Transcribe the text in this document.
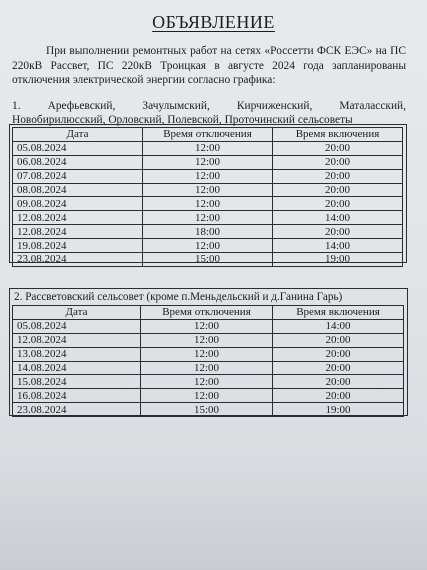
ОБЪЯВЛЕНИЕ
При выполнении ремонтных работ на сетях «Россетти ФСК ЕЭС» на ПС 220кВ Рассвет, ПС 220кВ Троицкая в августе 2024 года запланированы отключения электрической энергии согласно графика:
1. Арефьевский, Зачулымский, Кирчиженский, Маталасский,
Новобирилюсский, Орловский, Полевской, Проточинский сельсоветы
Дата	Время отключения	Время включения
05.08.2024	12:00	20:00
06.08.2024	12:00	20:00
07.08.2024	12:00	20:00
08.08.2024	12:00	20:00
09.08.2024	12:00	20:00
12.08.2024	12:00	14:00
12.08.2024	18:00	20:00
19.08.2024	12:00	14:00
23.08.2024	15:00	19:00
2. Рассветовский сельсовет (кроме п.Меньдельский и д.Ганина Гарь)
Дата	Время отключения	Время включения
05.08.2024	12:00	14:00
12.08.2024	12:00	20:00
13.08.2024	12:00	20:00
14.08.2024	12:00	20:00
15.08.2024	12:00	20:00
16.08.2024	12:00	20:00
23.08.2024	15:00	19:00
